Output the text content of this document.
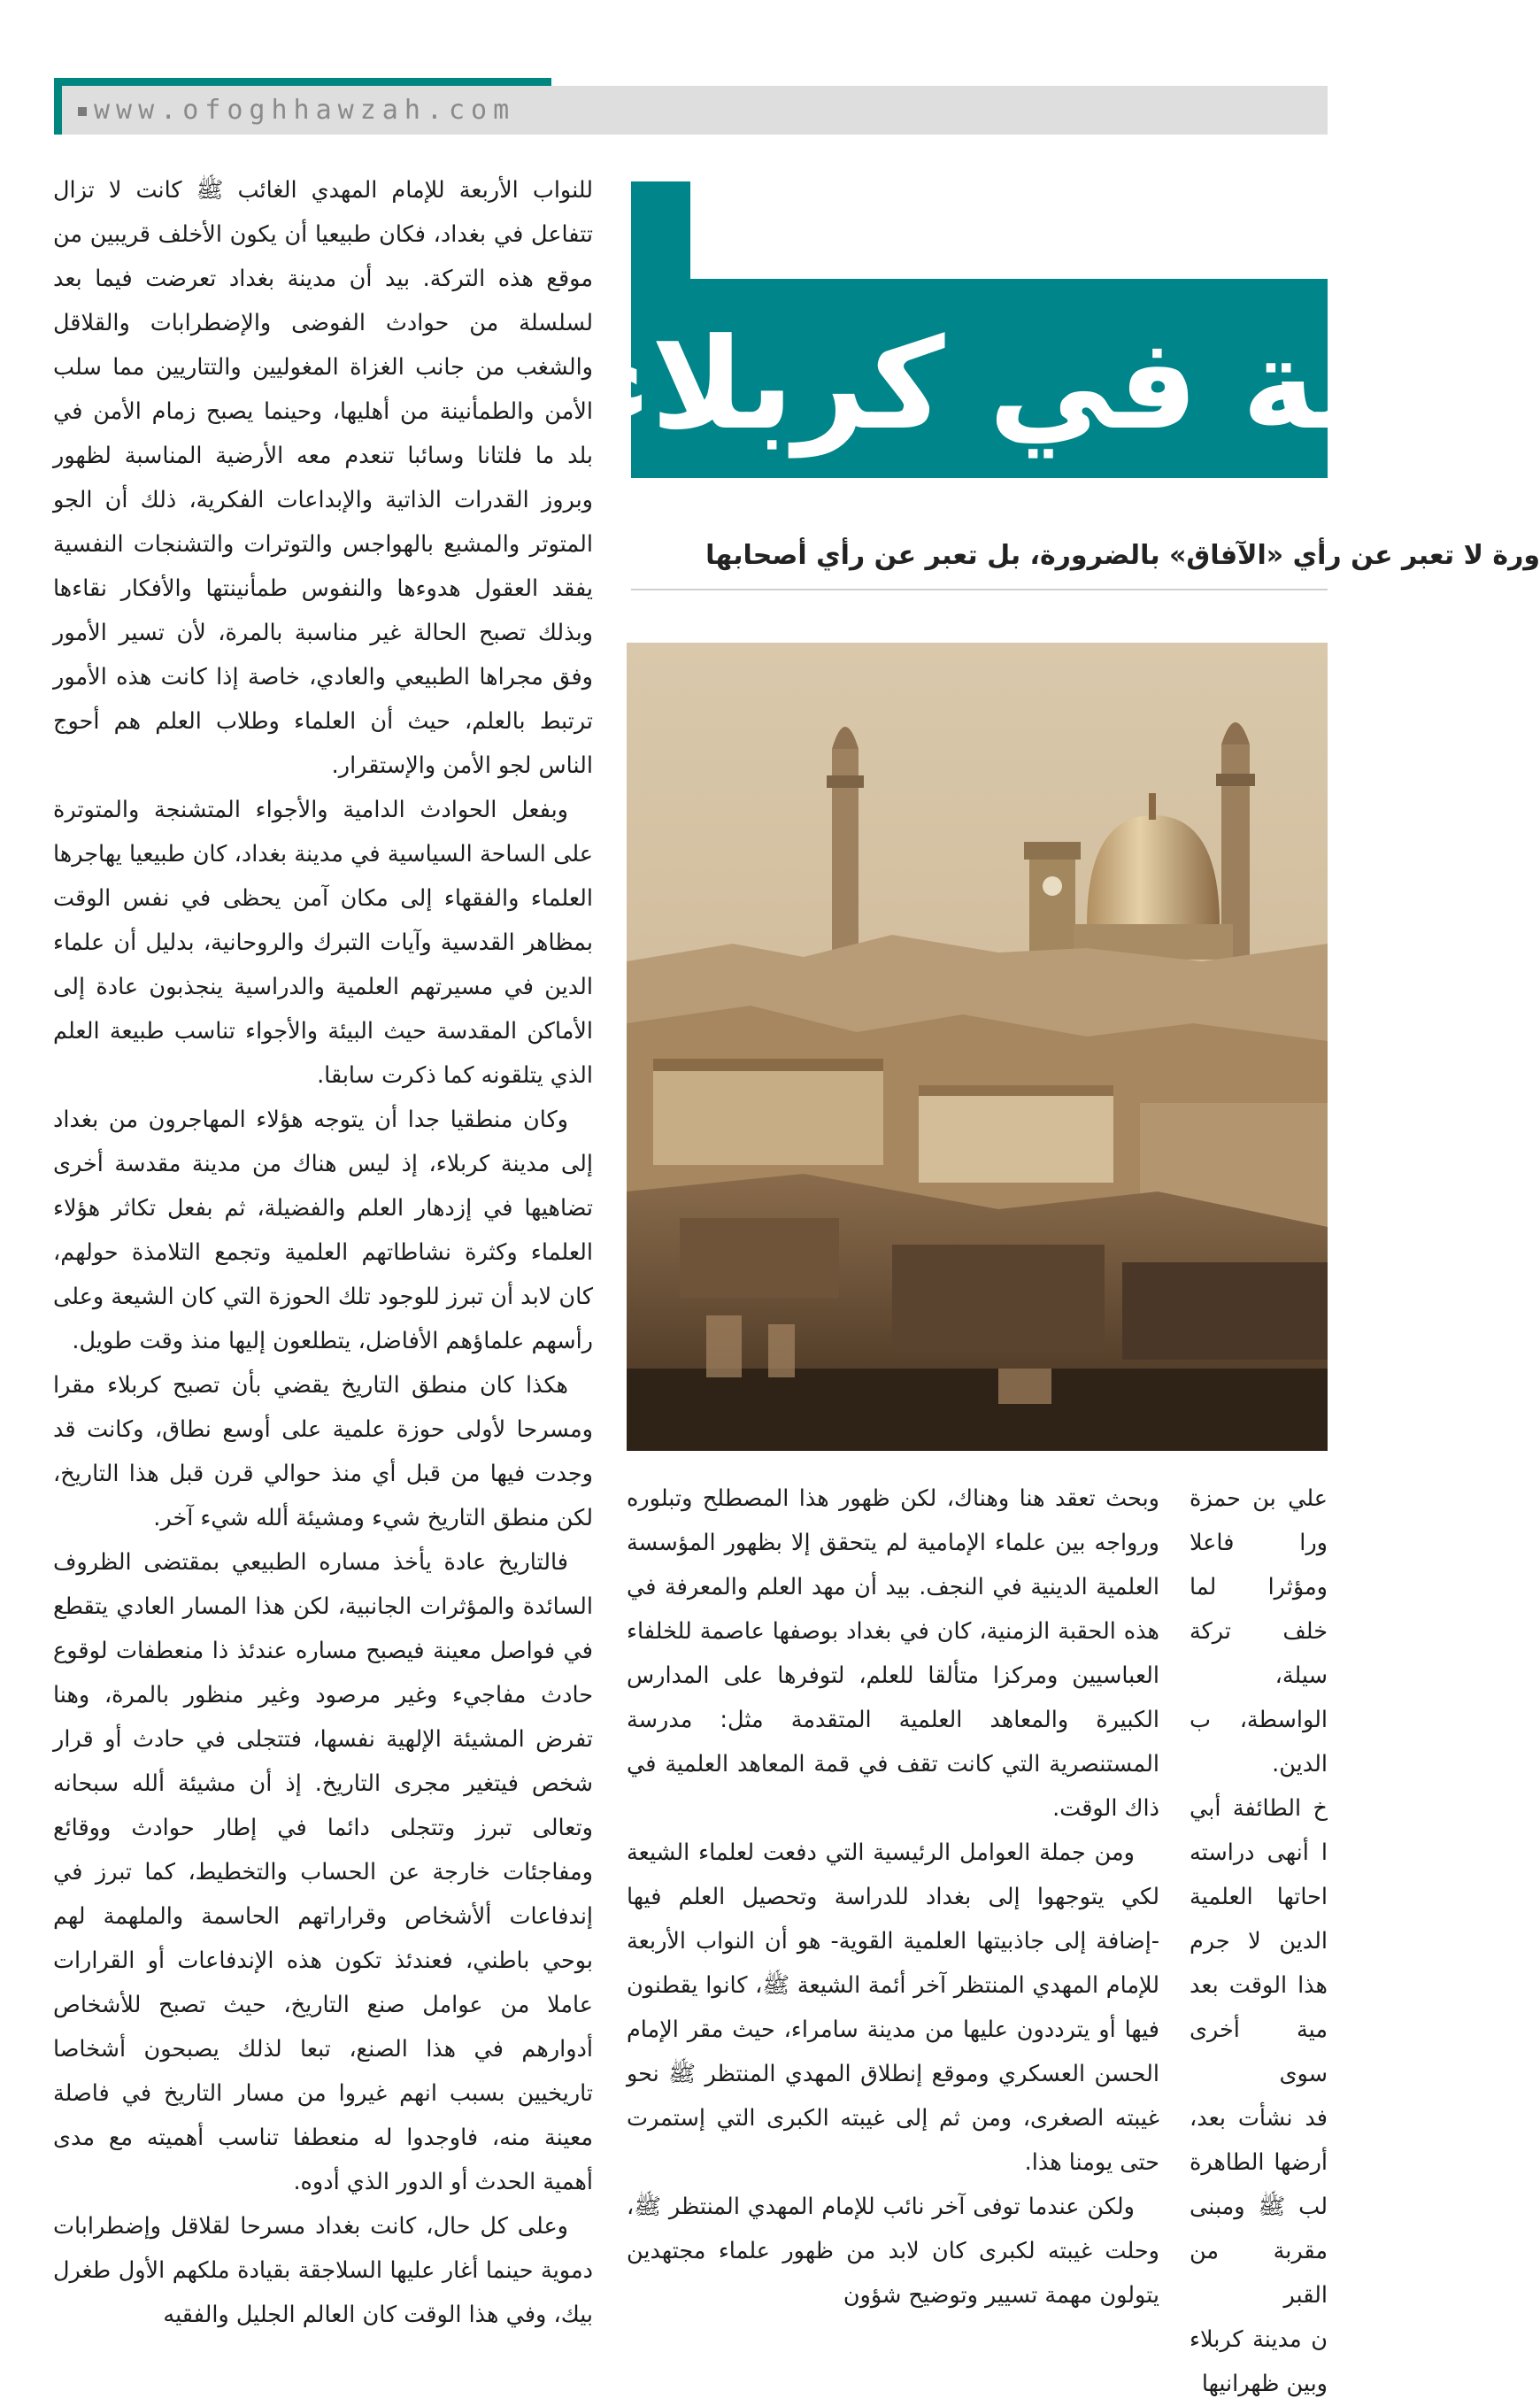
www.ofoghhawzah.com

للنواب الأربعة للإمام المهدي الغائب ﷺ كانت لا تزال تتفاعل في بغداد، فكان طبيعيا أن يكون الأخلف قريبين من موقع هذه التركة. بيد أن مدينة بغداد تعرضت فيما بعد لسلسلة من حوادث الفوضى والإضطرابات والقلاقل والشغب من جانب الغزاة المغوليين والتتاريين مما سلب الأمن والطمأنينة من أهليها، وحينما يصبح زمام الأمن في بلد ما فلتانا وسائبا تنعدم معه الأرضية المناسبة لظهور وبروز القدرات الذاتية والإبداعات الفكرية، ذلك أن الجو المتوتر والمشبع بالهواجس والتوترات والتشنجات النفسية يفقد العقول هدوءها والنفوس طمأنينتها والأفكار نقاءها وبذلك تصبح الحالة غير مناسبة بالمرة، لأن تسير الأمور وفق مجراها الطبيعي والعادي، خاصة إذا كانت هذه الأمور ترتبط بالعلم، حيث أن العلماء وطلاب العلم هم أحوج الناس لجو الأمن والإستقرار.

وبفعل الحوادث الدامية والأجواء المتشنجة والمتوترة على الساحة السياسية في مدينة بغداد، كان طبيعيا يهاجرها العلماء والفقهاء إلى مكان آمن يحظى في نفس الوقت بمظاهر القدسية وآيات التبرك والروحانية، بدليل أن علماء الدين في مسيرتهم العلمية والدراسية ينجذبون عادة إلى الأماكن المقدسة حيث البيئة والأجواء تناسب طبيعة العلم الذي يتلقونه كما ذكرت سابقا.

وكان منطقيا جدا أن يتوجه هؤلاء المهاجرون من بغداد إلى مدينة كربلاء، إذ ليس هناك من مدينة مقدسة أخرى تضاهيها في إزدهار العلم والفضيلة، ثم بفعل تكاثر هؤلاء العلماء وكثرة نشاطاتهم العلمية وتجمع التلامذة حولهم، كان لابد أن تبرز للوجود تلك الحوزة التي كان الشيعة وعلى رأسهم علماؤهم الأفاضل، يتطلعون إليها منذ وقت طويل.

هكذا كان منطق التاريخ يقضي بأن تصبح كربلاء مقرا ومسرحا لأولى حوزة علمية على أوسع نطاق، وكانت قد وجدت فيها من قبل أي منذ حوالي قرن قبل هذا التاريخ، لكن منطق التاريخ شيء ومشيئة ألله شيء آخر.

فالتاريخ عادة يأخذ مساره الطبيعي بمقتضى الظروف السائدة والمؤثرات الجانبية، لكن هذا المسار العادي يتقطع في فواصل معينة فيصبح مساره عندئذ ذا منعطفات لوقوع حادث مفاجيء وغير مرصود وغير منظور بالمرة، وهنا تفرض المشيئة الإلهية نفسها، فتتجلى في حادث أو قرار شخص فيتغير مجرى التاريخ. إذ أن مشيئة ألله سبحانه وتعالى تبرز وتتجلى دائما في إطار حوادث ووقائع ومفاجئات خارجة عن الحساب والتخطيط، كما تبرز في إندفاعات ألأشخاص وقراراتهم الحاسمة والملهمة لهم بوحي باطني، فعندئذ تكون هذه الإندفاعات أو القرارات عاملا من عوامل صنع التاريخ، حيث تصبح للأشخاص أدوارهم في هذا الصنع، تبعا لذلك يصبحون أشخاصا تاريخيين بسبب انهم غيروا من مسار التاريخ في فاصلة معينة منه، فاوجدوا له منعطفا تناسب أهميته مع مدى أهمية الحدث أو الدور الذي أدوه.

وعلى كل حال، كانت بغداد مسرحا لقلاقل وإضطرابات دموية حينما أغار عليها السلاجقة بقيادة ملكهم الأول طغرل بيك، وفي هذا الوقت كان العالم الجليل والفقيه

مية في كربلاء
ورة لا تعبر عن رأي «الآفاق» بالضرورة، بل تعبر عن رأي أصحابها

وبحث تعقد هنا وهناك، لكن ظهور هذا المصطلح وتبلوره ورواجه بين علماء الإمامية لم يتحقق إلا بظهور المؤسسة العلمية الدينية في النجف. بيد أن مهد العلم والمعرفة في هذه الحقبة الزمنية، كان في بغداد بوصفها عاصمة للخلفاء العباسيين ومركزا متألقا للعلم، لتوفرها على المدارس الكبيرة والمعاهد العلمية المتقدمة مثل: مدرسة المستنصرية التي كانت تقف في قمة المعاهد العلمية في ذاك الوقت.

ومن جملة العوامل الرئيسية التي دفعت لعلماء الشيعة لكي يتوجهوا إلى بغداد للدراسة وتحصيل العلم فيها -إضافة إلى جاذبيتها العلمية القوية- هو أن النواب الأربعة للإمام المهدي المنتظر آخر أئمة الشيعة ﷺ، كانوا يقطنون فيها أو يترددون عليها من مدينة سامراء، حيث مقر الإمام الحسن العسكري وموقع إنطلاق المهدي المنتظر ﷺ نحو غيبته الصغرى، ومن ثم إلى غيبته الكبرى التي إستمرت حتى يومنا هذا.

ولكن عندما توفى آخر نائب للإمام المهدي المنتظر ﷺ، وحلت غيبته لكبرى كان لابد من ظهور علماء مجتهدين يتولون مهمة تسيير وتوضيح شؤون

علي بن حمزة ورا فاعلا ومؤثرا لما خلف تركة سيلة، الواسطة، ب الدين.

خ الطائفة أبي ا أنهى دراسته احاتها العلمية الدين لا جرم هذا الوقت بعد مية أخرى سوى

فد نشأت بعد، أرضها الطاهرة لب ﷺ ومبنى مقربة من القبر

ن مدينة كربلاء وبين ظهرانيها
